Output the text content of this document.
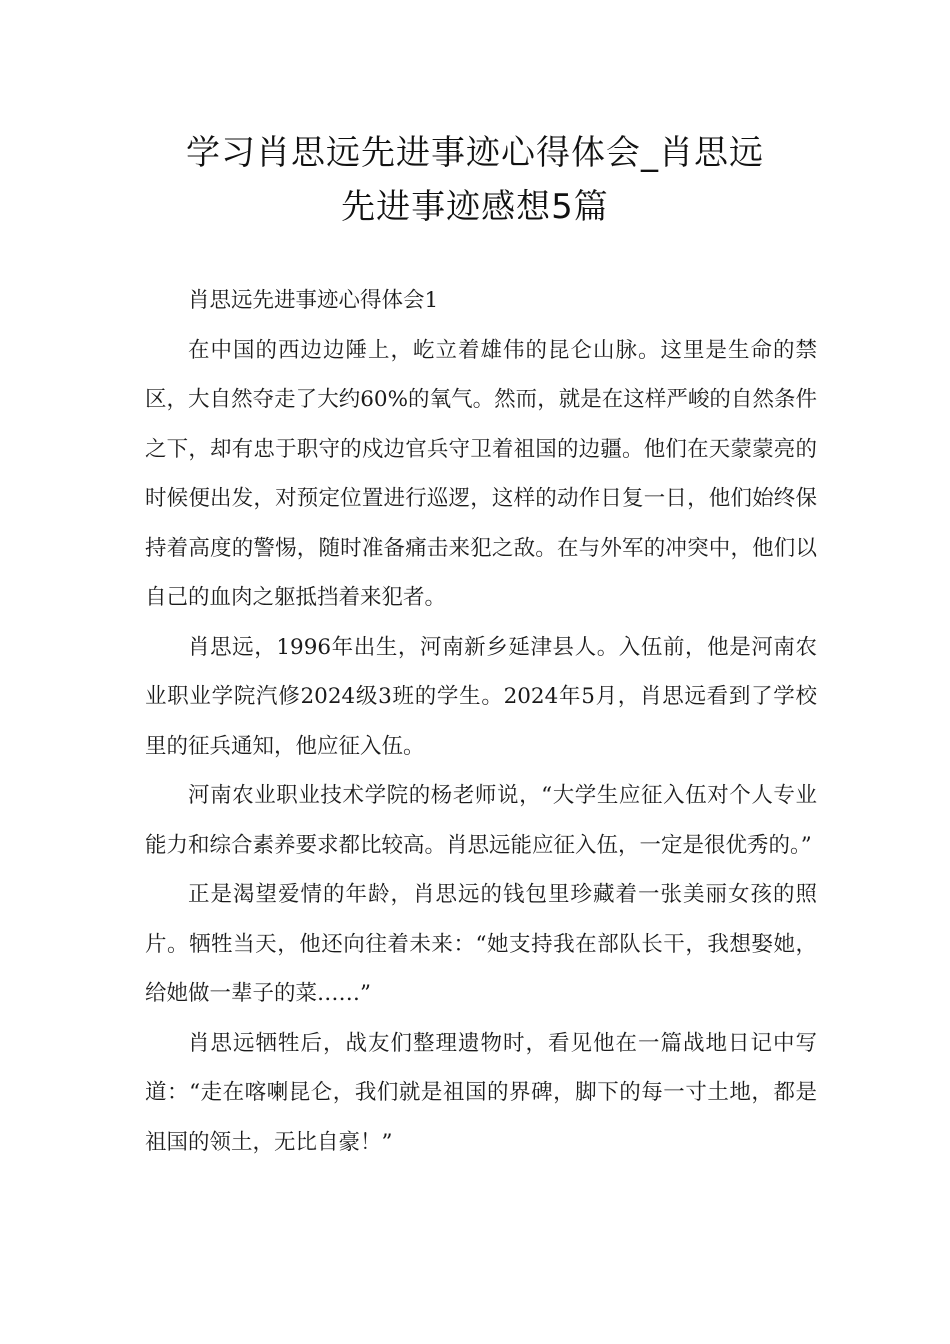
学习肖思远先进事迹心得体会_肖思远
先进事迹感想5篇

肖思远先进事迹心得体会1

在中国的西边边陲上，屹立着雄伟的昆仑山脉。这里是生命的禁区，大自然夺走了大约60%的氧气。然而，就是在这样严峻的自然条件之下，却有忠于职守的戍边官兵守卫着祖国的边疆。他们在天蒙蒙亮的时候便出发，对预定位置进行巡逻，这样的动作日复一日，他们始终保持着高度的警惕，随时准备痛击来犯之敌。在与外军的冲突中，他们以自己的血肉之躯抵挡着来犯者。

肖思远，1996年出生，河南新乡延津县人。入伍前，他是河南农业职业学院汽修2024级3班的学生。2024年5月，肖思远看到了学校里的征兵通知，他应征入伍。

河南农业职业技术学院的杨老师说，“大学生应征入伍对个人专业能力和综合素养要求都比较高。肖思远能应征入伍，一定是很优秀的。”

正是渴望爱情的年龄，肖思远的钱包里珍藏着一张美丽女孩的照片。牺牲当天，他还向往着未来：“她支持我在部队长干，我想娶她，给她做一辈子的菜……”

肖思远牺牲后，战友们整理遗物时，看见他在一篇战地日记中写道：“走在喀喇昆仑，我们就是祖国的界碑，脚下的每一寸土地，都是祖国的领土，无比自豪！”
